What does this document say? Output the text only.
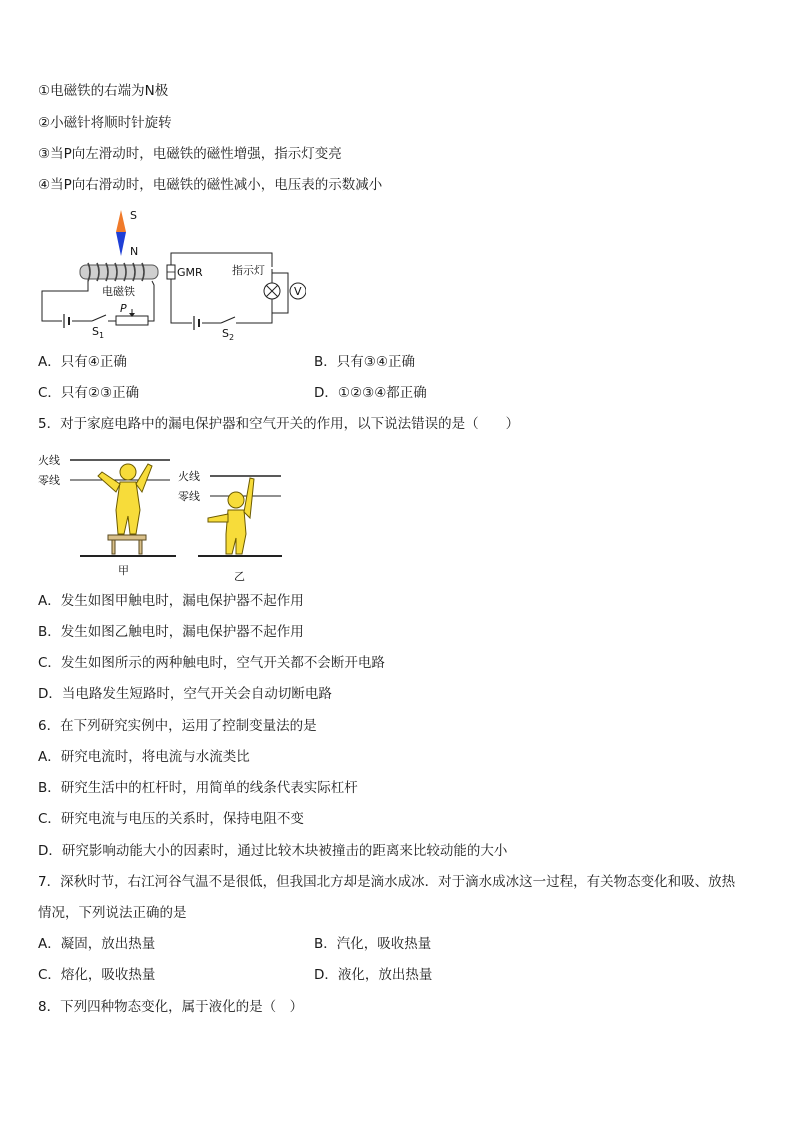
①电磁铁的右端为N极
②小磁针将顺时针旋转
③当P向左滑动时，电磁铁的磁性增强，指示灯变亮
④当P向右滑动时，电磁铁的磁性减小，电压表的示数减小
S
N
电磁铁
P
$S_1$
GMR	指示灯
V
$S_2$
A．只有④正确	B．只有③④正确
C．只有②③正确	D．①②③④都正确
5．对于家庭电路中的漏电保护器和空气开关的作用，以下说法错误的是（　　）
火线
零线
甲
火线
零线
乙
A．发生如图甲触电时，漏电保护器不起作用
B．发生如图乙触电时，漏电保护器不起作用
C．发生如图所示的两种触电时，空气开关都不会断开电路
D．当电路发生短路时，空气开关会自动切断电路
6．在下列研究实例中，运用了控制变量法的是
A．研究电流时，将电流与水流类比
B．研究生活中的杠杆时，用简单的线条代表实际杠杆
C．研究电流与电压的关系时，保持电阻不变
D．研究影响动能大小的因素时，通过比较木块被撞击的距离来比较动能的大小
7．深秋时节，右江河谷气温不是很低，但我国北方却是滴水成冰．对于滴水成冰这一过程，有关物态变化和吸、放热
情况，下列说法正确的是
A．凝固，放出热量	B．汽化，吸收热量
C．熔化，吸收热量	D．液化，放出热量
8．下列四种物态变化，属于液化的是（　）
